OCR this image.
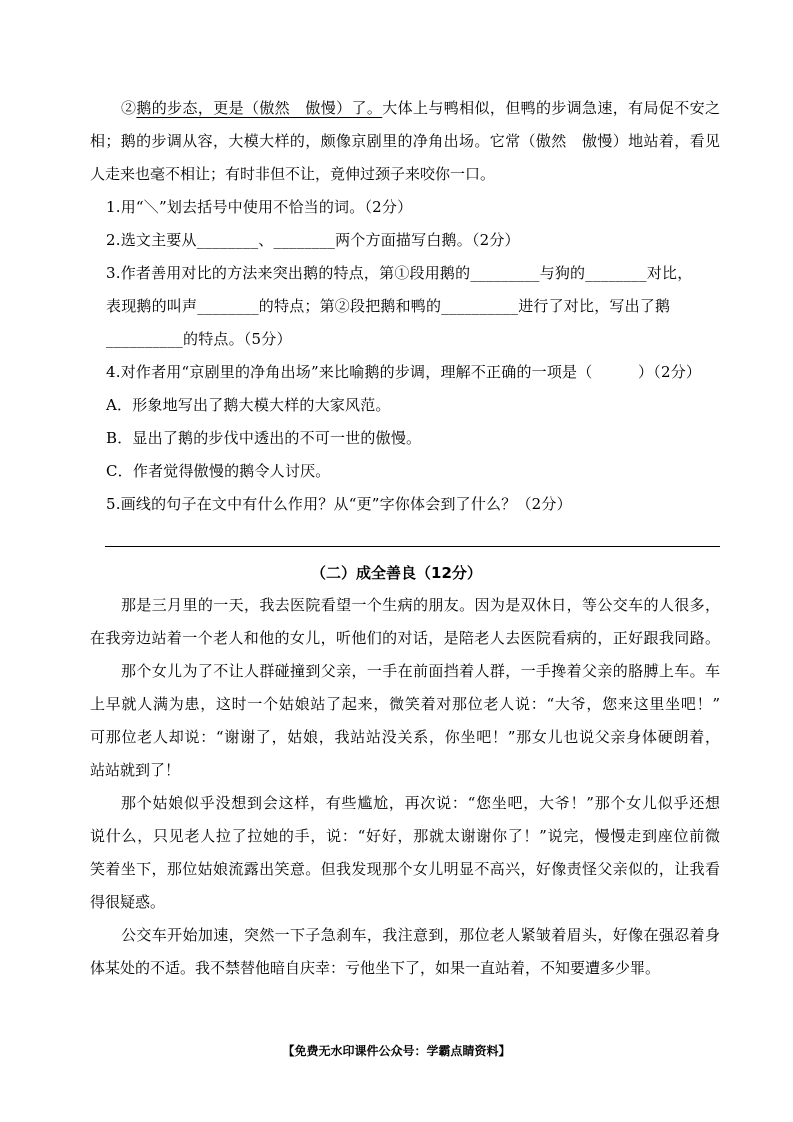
②鹅的步态，更是（傲然　傲慢）了。大体上与鸭相似，但鸭的步调急速，有局促不安之
相；鹅的步调从容，大模大样的，颇像京剧里的净角出场。它常（傲然　傲慢）地站着，看见
人走来也毫不相让；有时非但不让，竟伸过颈子来咬你一口。
1.用“＼”划去括号中使用不恰当的词。（2分）
2.选文主要从________、________两个方面描写白鹅。（2分）
3.作者善用对比的方法来突出鹅的特点，第①段用鹅的_________与狗的________对比，
表现鹅的叫声________的特点；第②段把鹅和鸭的__________进行了对比，写出了鹅
__________的特点。（5分）
4.对作者用“京剧里的净角出场”来比喻鹅的步调，理解不正确的一项是（　　　）（2分）
A．形象地写出了鹅大模大样的大家风范。
B．显出了鹅的步伐中透出的不可一世的傲慢。
C．作者觉得傲慢的鹅令人讨厌。
5.画线的句子在文中有什么作用？从“更”字你体会到了什么？（2分）
（二）成全善良（12分）
那是三月里的一天，我去医院看望一个生病的朋友。因为是双休日，等公交车的人很多，
在我旁边站着一个老人和他的女儿，听他们的对话，是陪老人去医院看病的，正好跟我同路。
那个女儿为了不让人群碰撞到父亲，一手在前面挡着人群，一手搀着父亲的胳膊上车。车
上早就人满为患，这时一个姑娘站了起来，微笑着对那位老人说：“大爷，您来这里坐吧！”
可那位老人却说：“谢谢了，姑娘，我站站没关系，你坐吧！”那女儿也说父亲身体硬朗着，
站站就到了！
那个姑娘似乎没想到会这样，有些尴尬，再次说：“您坐吧，大爷！”那个女儿似乎还想
说什么，只见老人拉了拉她的手，说：“好好，那就太谢谢你了！”说完，慢慢走到座位前微
笑着坐下，那位姑娘流露出笑意。但我发现那个女儿明显不高兴，好像责怪父亲似的，让我看
得很疑惑。
公交车开始加速，突然一下子急刹车，我注意到，那位老人紧皱着眉头，好像在强忍着身
体某处的不适。我不禁替他暗自庆幸：亏他坐下了，如果一直站着，不知要遭多少罪。
【免费无水印课件公众号：学霸点睛资料】
